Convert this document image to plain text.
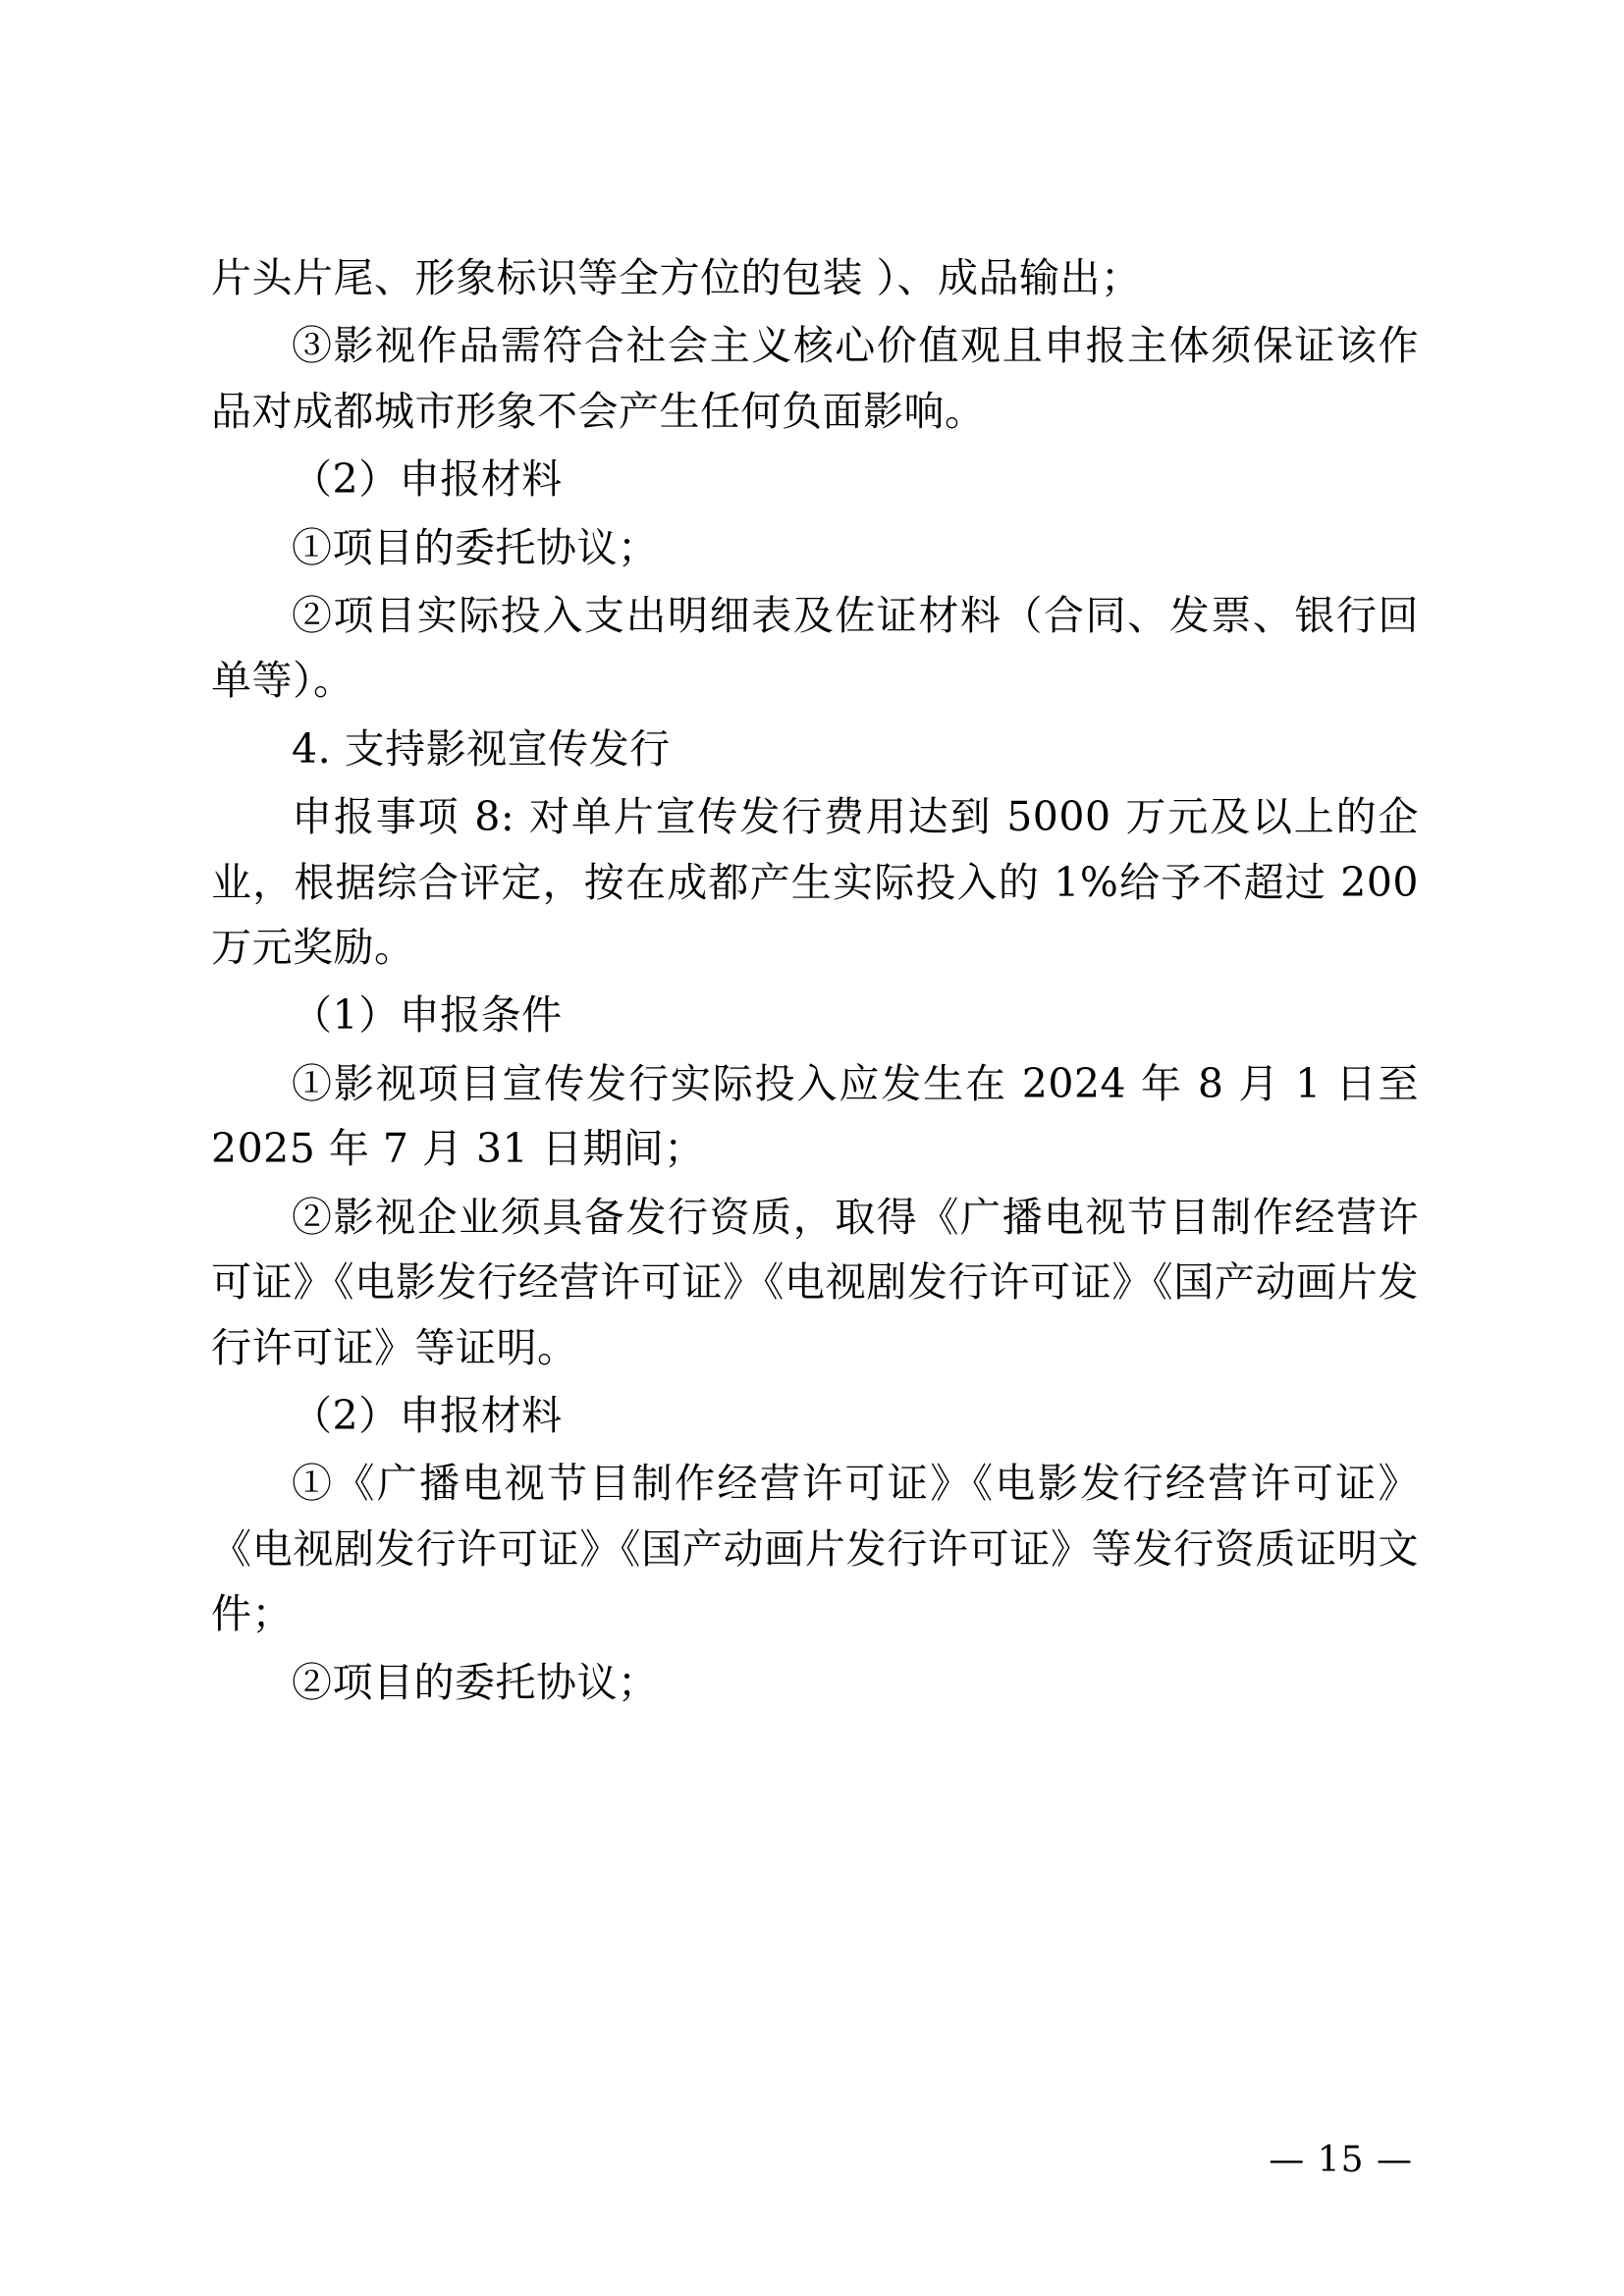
片头片尾、形象标识等全方位的包装 ）、成品输出；

③影视作品需符合社会主义核心价值观且申报主体须保证该作品对成都城市形象不会产生任何负面影响。

（2）申报材料

①项目的委托协议；

②项目实际投入支出明细表及佐证材料（合同、发票、银行回单等）。

4. 支持影视宣传发行

申报事项 8: 对单片宣传发行费用达到 5000 万元及以上的企业，根据综合评定，按在成都产生实际投入的 1%给予不超过 200 万元奖励。

（1）申报条件

①影视项目宣传发行实际投入应发生在 2024 年 8 月 1 日至 2025 年 7 月 31 日期间；

②影视企业须具备发行资质，取得《广播电视节目制作经营许可证》《电影发行经营许可证》《电视剧发行许可证》《国产动画片发行许可证》等证明。

（2）申报材料

①《广播电视节目制作经营许可证》《电影发行经营许可证》《电视剧发行许可证》《国产动画片发行许可证》等发行资质证明文件；

②项目的委托协议；

— 15 —
